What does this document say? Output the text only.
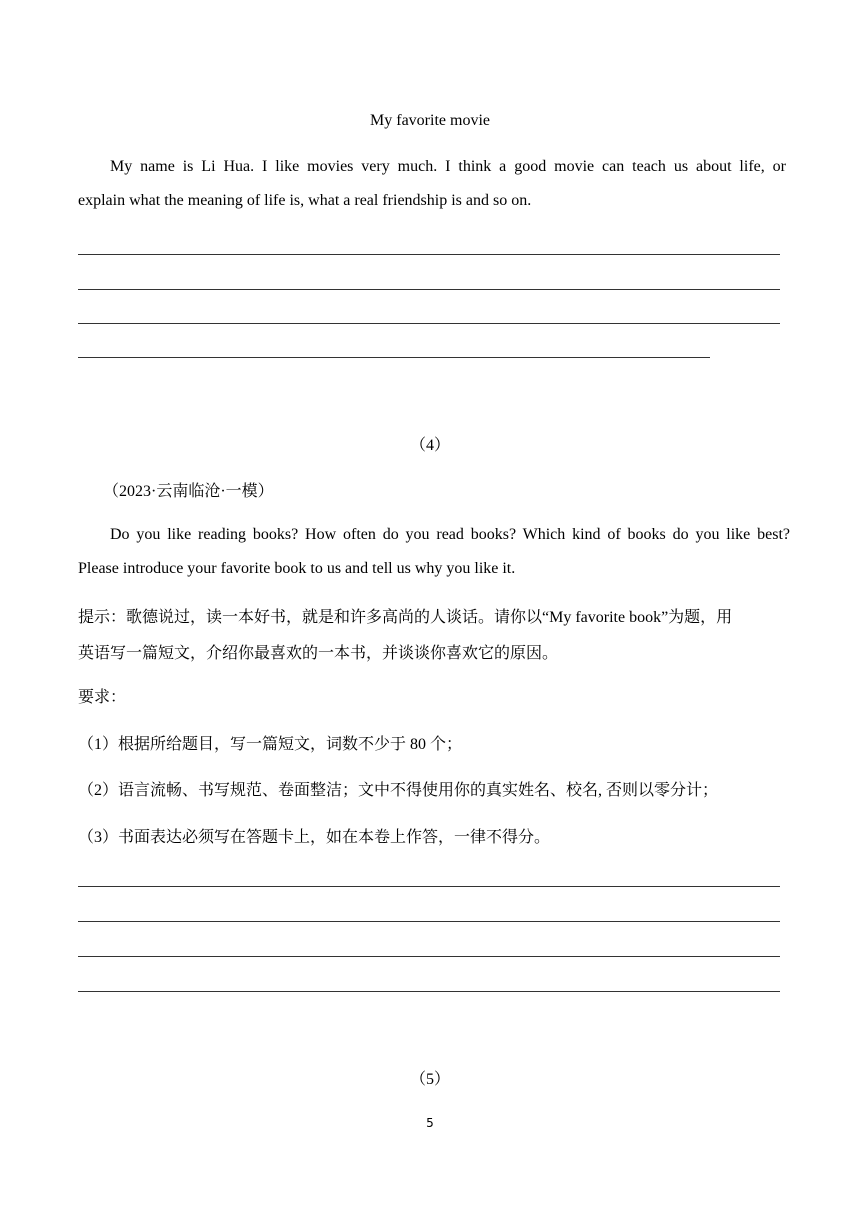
My favorite movie
My name is Li Hua. I like movies very much. I think a good movie can teach us about life, or
explain what the meaning of life is, what a real friendship is and so on.
（4）
（2023·云南临沧·一模）
Do you like reading books? How often do you read books? Which kind of books do you like best?
Please introduce your favorite book to us and tell us why you like it.
提示：歌德说过，读一本好书，就是和许多高尚的人谈话。请你以“My favorite book”为题，用
英语写一篇短文，介绍你最喜欢的一本书，并谈谈你喜欢它的原因。
要求：
（1）根据所给题目，写一篇短文，词数不少于 80 个；
（2）语言流畅、书写规范、卷面整洁；文中不得使用你的真实姓名、校名, 否则以零分计；
（3）书面表达必须写在答题卡上，如在本卷上作答，一律不得分。
（5）
5
